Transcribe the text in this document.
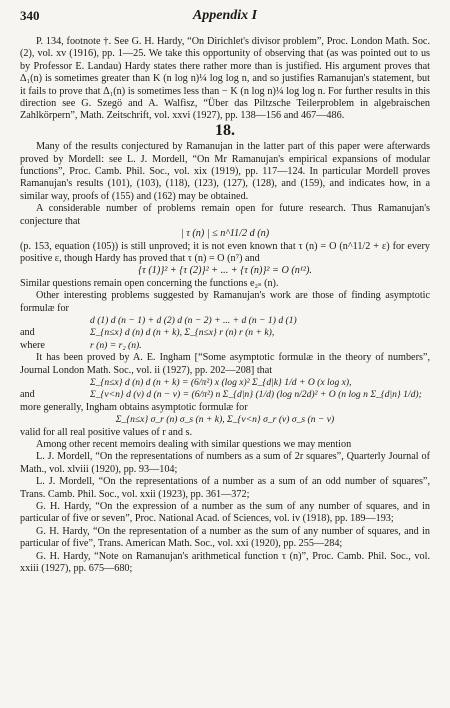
340	Appendix I

P. 134, footnote †. See G. H. Hardy, “On Dirichlet's divisor problem”, Proc. London Math. Soc. (2), vol. xv (1916), pp. 1—25. We take this opportunity of observing that (as was pointed out to us by Professor E. Landau) Hardy states there rather more than is justified. His argument proves that Δ₁(n) is sometimes greater than K (n log n)¼ log log n, and so justifies Ramanujan's statement, but it fails to prove that Δ₁(n) is sometimes less than − K (n log n)¼ log log n. For further results in this direction see G. Szegö and A. Walfisz, “Über das Piltzsche Teilerproblem in algebraischen Zahlkörpern”, Math. Zeitschrift, vol. xxvi (1927), pp. 138—156 and 467—486.

18.

Many of the results conjectured by Ramanujan in the latter part of this paper were afterwards proved by Mordell: see L. J. Mordell, “On Mr Ramanujan's empirical expansions of modular functions”, Proc. Camb. Phil. Soc., vol. xix (1919), pp. 117—124. In particular Mordell proves Ramanujan's results (101), (103), (118), (123), (127), (128), and (159), and indicates how, in a similar way, proofs of (155) and (162) may be obtained.

A considerable number of problems remain open for future research. Thus Ramanujan's conjecture that

| τ (n) | ≤ n^11/2 d (n)

(p. 153, equation (105)) is still unproved; it is not even known that τ (n) = O (n^11/2 + ε) for every positive ε, though Hardy has proved that τ (n) = O (n⁷) and

{τ (1)}² + {τ (2)}² + ... + {τ (n)}² = O (n¹²).

Similar questions remain open concerning the functions e₂ₛ (n).

Other interesting problems suggested by Ramanujan's work are those of finding asymptotic formulæ for

d (1) d (n − 1) + d (2) d (n − 2) + ... + d (n − 1) d (1)
and	Σ_{n≤x} d (n) d (n + k), Σ_{n≤x} r (n) r (n + k),
where	r (n) = r₂ (n).

It has been proved by A. E. Ingham [“Some asymptotic formulæ in the theory of numbers”, Journal London Math. Soc., vol. ii (1927), pp. 202—208] that

Σ_{n≤x} d (n) d (n + k) = (6/π²) x (log x)² Σ_{d|k} 1/d + O (x log x),
and	Σ_{ν<n} d (ν) d (n − ν) = (6/π²) n Σ_{d|n} (1/d) (log n/2d)² + O (n log n Σ_{d|n} 1/d);

more generally, Ingham obtains asymptotic formulæ for

Σ_{n≤x} σ_r (n) σ_s (n + k), Σ_{ν<n} σ_r (ν) σ_s (n − ν)

valid for all real positive values of r and s.

Among other recent memoirs dealing with similar questions we may mention

L. J. Mordell, “On the representations of numbers as a sum of 2r squares”, Quarterly Journal of Math., vol. xlviii (1920), pp. 93—104;

L. J. Mordell, “On the representations of a number as a sum of an odd number of squares”, Trans. Camb. Phil. Soc., vol. xxii (1923), pp. 361—372;

G. H. Hardy, “On the expression of a number as the sum of any number of squares, and in particular of five or seven”, Proc. National Acad. of Sciences, vol. iv (1918), pp. 189—193;

G. H. Hardy, “On the representation of a number as the sum of any number of squares, and in particular of five”, Trans. American Math. Soc., vol. xxi (1920), pp. 255—284;

G. H. Hardy, “Note on Ramanujan's arithmetical function τ (n)”, Proc. Camb. Phil. Soc., vol. xxiii (1927), pp. 675—680;
